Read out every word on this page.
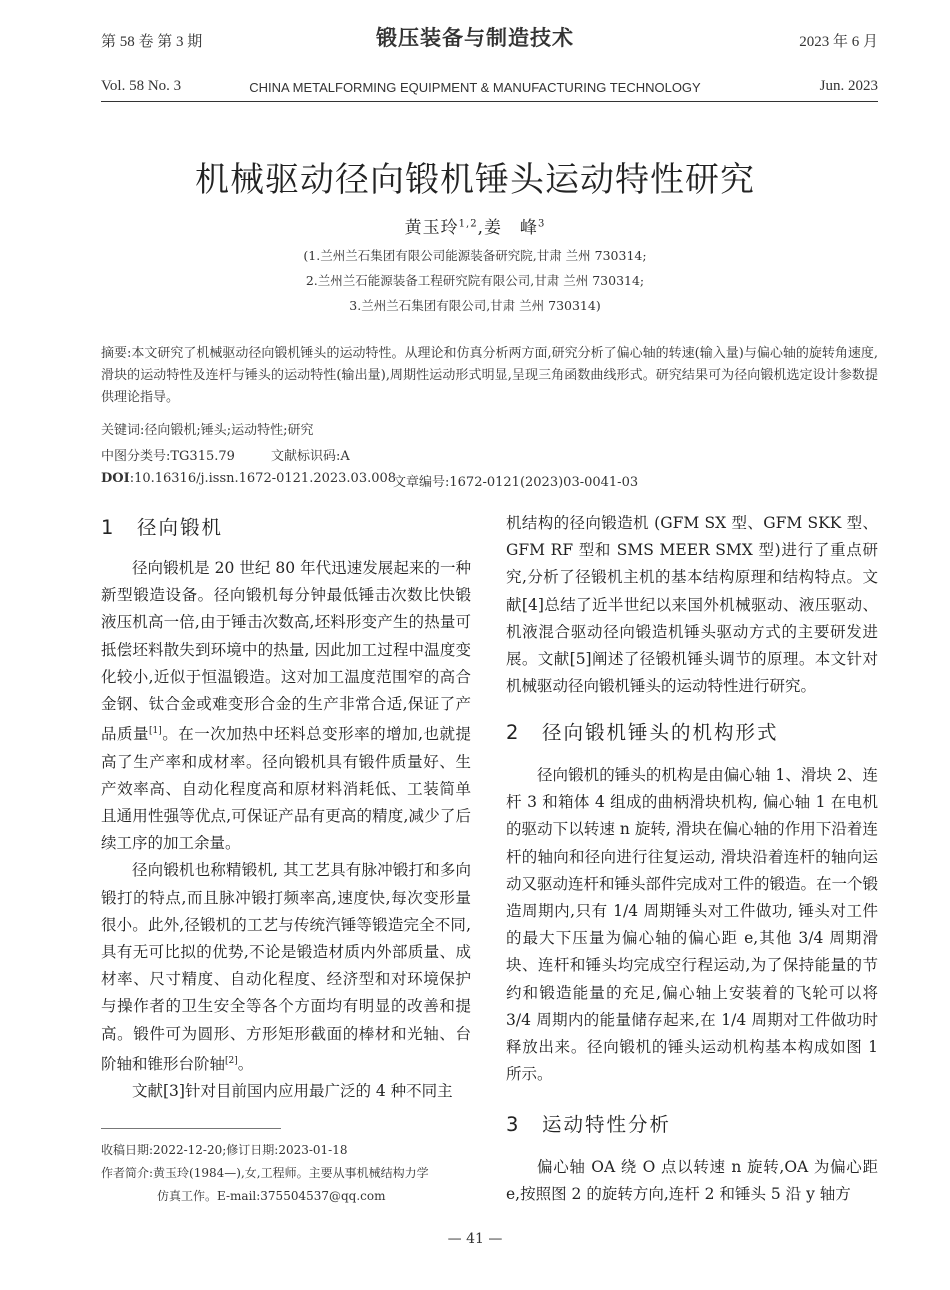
第 58 卷 第 3 期	锻压装备与制造技术	2023 年 6 月
Vol. 58 No. 3	CHINA METALFORMING EQUIPMENT & MANUFACTURING TECHNOLOGY	Jun. 2023
机械驱动径向锻机锤头运动特性研究
黄玉玲$^{1,2}$,姜　峰$^3$
(1.兰州兰石集团有限公司能源装备研究院,甘肃 兰州 730314;
2.兰州兰石能源装备工程研究院有限公司,甘肃 兰州 730314;
3.兰州兰石集团有限公司,甘肃 兰州 730314)
摘要:本文研究了机械驱动径向锻机锤头的运动特性。从理论和仿真分析两方面,研究分析了偏心轴的转速(输入量)与偏心轴的旋转角速度,滑块的运动特性及连杆与锤头的运动特性(输出量),周期性运动形式明显,呈现三角函数曲线形式。研究结果可为径向锻机选定设计参数提供理论指导。
关键词:径向锻机;锤头;运动特性;研究
中图分类号:TG315.79	文献标识码:A
DOI:10.16316/j.issn.1672-0121.2023.03.008
文章编号:1672-0121(2023)03-0041-03
1 径向锻机

径向锻机是 20 世纪 80 年代迅速发展起来的一种新型锻造设备。径向锻机每分钟最低锤击次数比快锻液压机高一倍,由于锤击次数高,坯料形变产生的热量可抵偿坯料散失到环境中的热量, 因此加工过程中温度变化较小,近似于恒温锻造。这对加工温度范围窄的高合金钢、钛合金或难变形合金的生产非常合适,保证了产品质量[1]。在一次加热中坯料总变形率的增加,也就提高了生产率和成材率。径向锻机具有锻件质量好、生产效率高、自动化程度高和原材料消耗低、工装简单且通用性强等优点,可保证产品有更高的精度,减少了后续工序的加工余量。

径向锻机也称精锻机, 其工艺具有脉冲锻打和多向锻打的特点,而且脉冲锻打频率高,速度快,每次变形量很小。此外,径锻机的工艺与传统汽锤等锻造完全不同,具有无可比拟的优势,不论是锻造材质内外部质量、成材率、尺寸精度、自动化程度、经济型和对环境保护与操作者的卫生安全等各个方面均有明显的改善和提高。锻件可为圆形、方形矩形截面的棒材和光轴、台阶轴和锥形台阶轴[2]。

文献[3]针对目前国内应用最广泛的 4 种不同主

收稿日期:2022-12-20;修订日期:2023-01-18
作者简介:黄玉玲(1984—),女,工程师。主要从事机械结构力学
仿真工作。E-mail:375504537@qq.com

机结构的径向锻造机 (GFM SX 型、GFM SKK 型、GFM RF 型和 SMS MEER SMX 型)进行了重点研究,分析了径锻机主机的基本结构原理和结构特点。文献[4]总结了近半世纪以来国外机械驱动、液压驱动、机液混合驱动径向锻造机锤头驱动方式的主要研发进展。文献[5]阐述了径锻机锤头调节的原理。本文针对机械驱动径向锻机锤头的运动特性进行研究。

2 径向锻机锤头的机构形式

径向锻机的锤头的机构是由偏心轴 1、滑块 2、连杆 3 和箱体 4 组成的曲柄滑块机构, 偏心轴 1 在电机的驱动下以转速 n 旋转, 滑块在偏心轴的作用下沿着连杆的轴向和径向进行往复运动, 滑块沿着连杆的轴向运动又驱动连杆和锤头部件完成对工件的锻造。在一个锻造周期内,只有 1/4 周期锤头对工件做功, 锤头对工件的最大下压量为偏心轴的偏心距 e,其他 3/4 周期滑块、连杆和锤头均完成空行程运动,为了保持能量的节约和锻造能量的充足,偏心轴上安装着的飞轮可以将 3/4 周期内的能量储存起来,在 1/4 周期对工件做功时释放出来。径向锻机的锤头运动机构基本构成如图 1 所示。

3 运动特性分析

偏心轴 OA 绕 O 点以转速 n 旋转,OA 为偏心距 e,按照图 2 的旋转方向,连杆 2 和锤头 5 沿 y 轴方

— 41 —
